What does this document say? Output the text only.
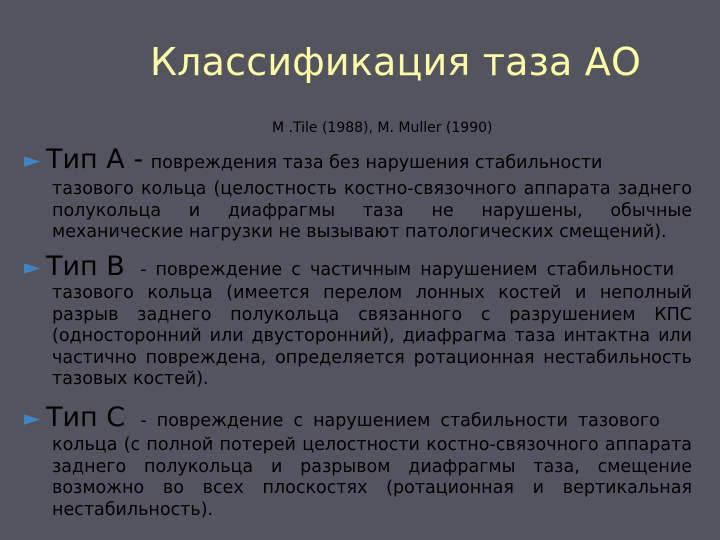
Классификация таза АО
M .Tile (1988), M. Muller (1990)
► Тип А - повреждения таза без нарушения стабильности
тазового кольца (целостность костно-связочного аппарата заднего полукольца и диафрагмы таза не нарушены, обычные механические нагрузки не вызывают патологических смещений).
► Тип В - повреждение с частичным нарушением стабильности
тазового кольца (имеется перелом лонных костей и неполный разрыв заднего полукольца связанного с разрушением КПС (односторонний или двусторонний), диафрагма таза интактна или частично повреждена, определяется ротационная нестабильность тазовых костей).
► Тип С - повреждение с нарушением стабильности тазового
кольца (с полной потерей целостности костно-связочного аппарата заднего полукольца и разрывом диафрагмы таза, смещение возможно во всех плоскостях (ротационная и вертикальная нестабильность).
